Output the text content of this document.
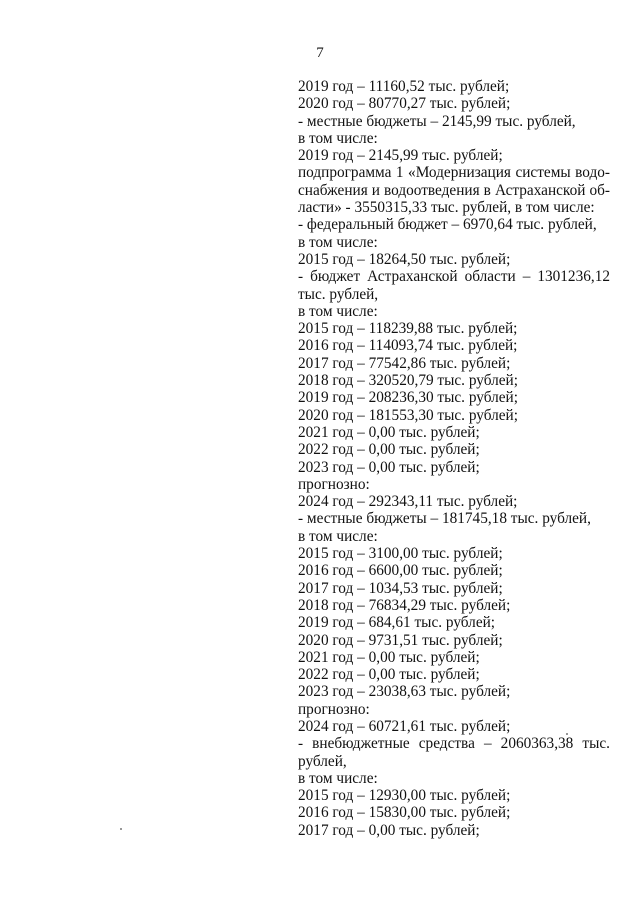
7
2019 год – 11160,52 тыс. рублей;
2020 год – 80770,27 тыс. рублей;
- местные бюджеты – 2145,99 тыс. рублей,
в том числе:
2019 год – 2145,99 тыс. рублей;
подпрограмма 1 «Модернизация системы водо-
снабжения и водоотведения в Астраханской об-
ласти» - 3550315,33 тыс. рублей, в том числе:
- федеральный бюджет – 6970,64 тыс. рублей,
в том числе:
2015 год – 18264,50 тыс. рублей;
- бюджет Астраханской области – 1301236,12
тыс. рублей,
в том числе:
2015 год – 118239,88 тыс. рублей;
2016 год – 114093,74 тыс. рублей;
2017 год – 77542,86 тыс. рублей;
2018 год – 320520,79 тыс. рублей;
2019 год – 208236,30 тыс. рублей;
2020 год – 181553,30 тыс. рублей;
2021 год – 0,00 тыс. рублей;
2022 год – 0,00 тыс. рублей;
2023 год – 0,00 тыс. рублей;
прогнозно:
2024 год – 292343,11 тыс. рублей;
- местные бюджеты – 181745,18 тыс. рублей,
в том числе:
2015 год – 3100,00 тыс. рублей;
2016 год – 6600,00 тыс. рублей;
2017 год – 1034,53 тыс. рублей;
2018 год – 76834,29 тыс. рублей;
2019 год – 684,61 тыс. рублей;
2020 год – 9731,51 тыс. рублей;
2021 год – 0,00 тыс. рублей;
2022 год – 0,00 тыс. рублей;
2023 год – 23038,63 тыс. рублей;
прогнозно:
2024 год – 60721,61 тыс. рублей;
- внебюджетные средства – 2060363,38 тыс.
рублей,
в том числе:
2015 год – 12930,00 тыс. рублей;
2016 год – 15830,00 тыс. рублей;
2017 год – 0,00 тыс. рублей;
